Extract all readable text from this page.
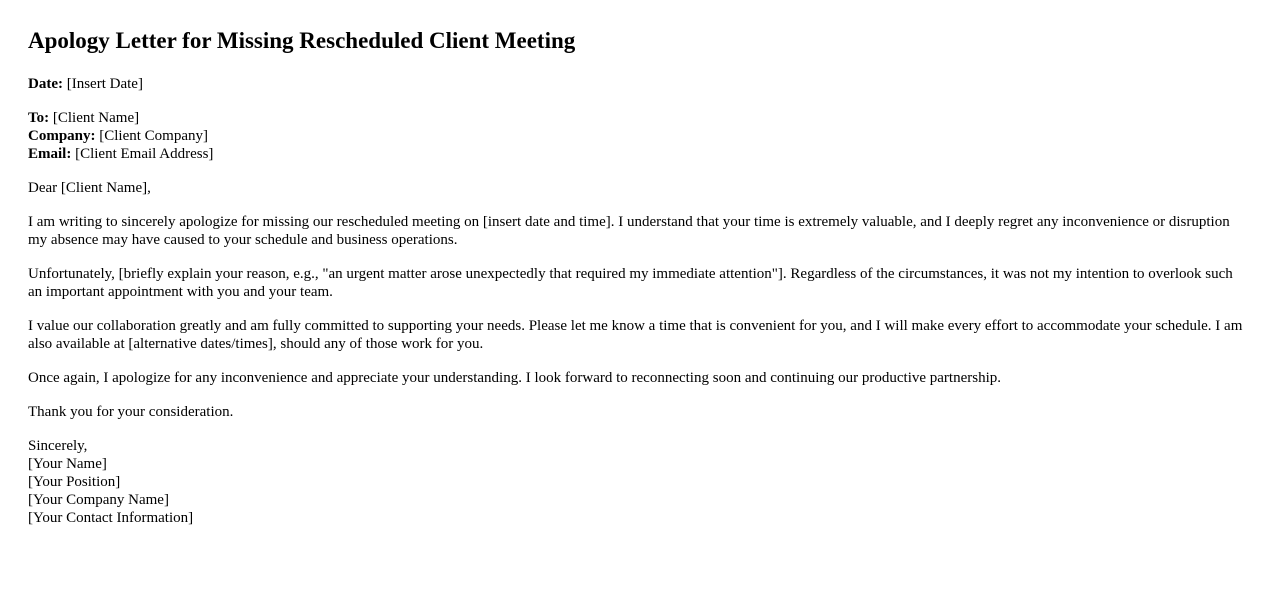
Apology Letter for Missing Rescheduled Client Meeting

Date: [Insert Date]

To: [Client Name]
Company: [Client Company]
Email: [Client Email Address]

Dear [Client Name],

I am writing to sincerely apologize for missing our rescheduled meeting on [insert date and time]. I understand that your time is extremely valuable, and I deeply regret any inconvenience or disruption my absence may have caused to your schedule and business operations.

Unfortunately, [briefly explain your reason, e.g., "an urgent matter arose unexpectedly that required my immediate attention"]. Regardless of the circumstances, it was not my intention to overlook such an important appointment with you and your team.

I value our collaboration greatly and am fully committed to supporting your needs. Please let me know a time that is convenient for you, and I will make every effort to accommodate your schedule. I am also available at [alternative dates/times], should any of those work for you.

Once again, I apologize for any inconvenience and appreciate your understanding. I look forward to reconnecting soon and continuing our productive partnership.

Thank you for your consideration.

Sincerely,
[Your Name]
[Your Position]
[Your Company Name]
[Your Contact Information]
